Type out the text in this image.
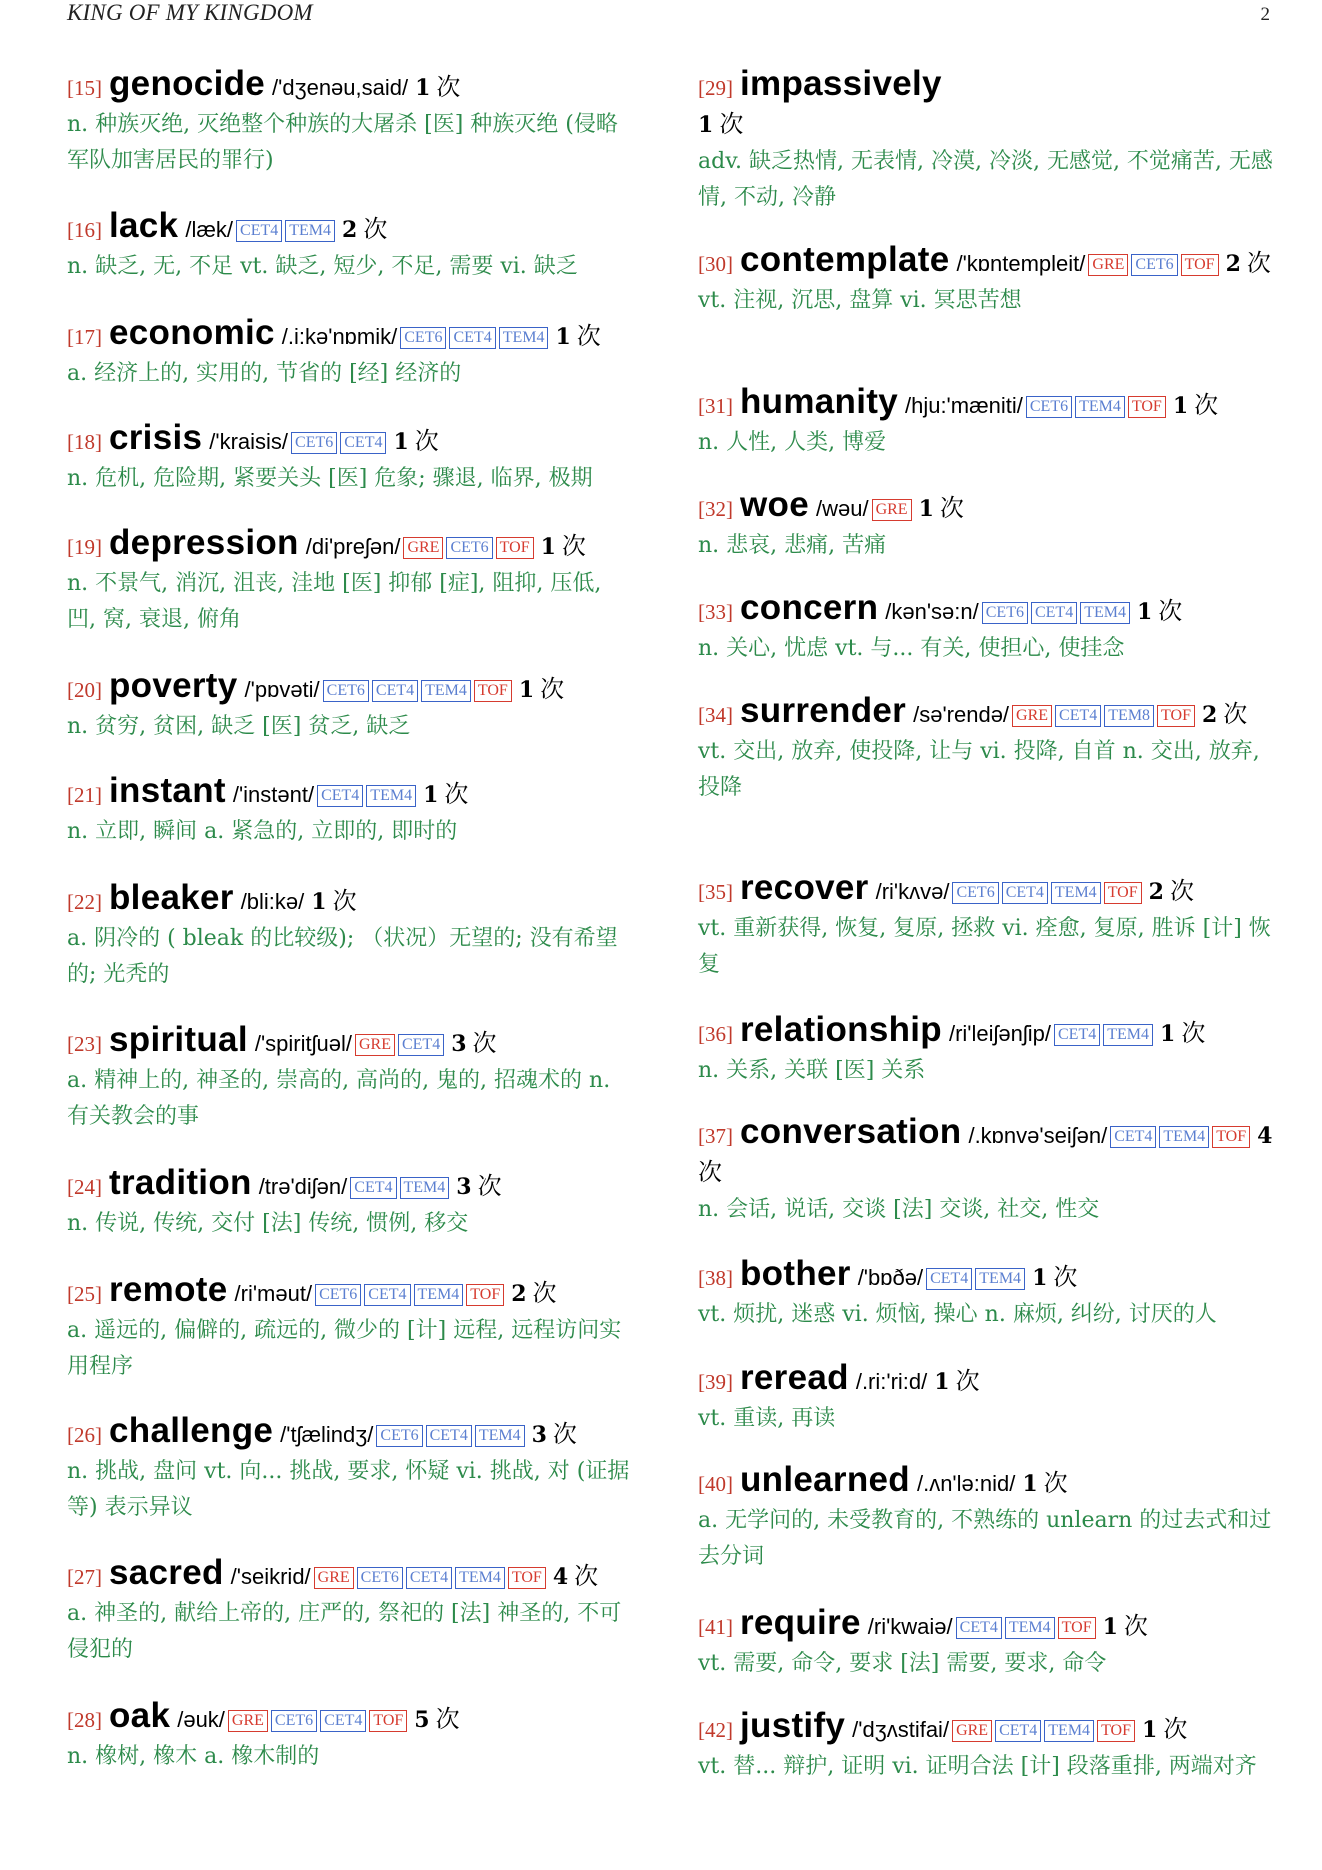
KING OF MY KINGDOM	2
[15] genocide /'dʒenəu,said/ 1 次
n. 种族灭绝, 灭绝整个种族的大屠杀 [医] 种族灭绝 (侵略军队加害居民的罪行)
[16] lack /læk/ CET4 TEM4 2 次
n. 缺乏, 无, 不足 vt. 缺乏, 短少, 不足, 需要 vi. 缺乏
[17] economic /.i:kə'nɒmik/ CET6 CET4 TEM4 1 次
a. 经济上的, 实用的, 节省的 [经] 经济的
[18] crisis /'kraisis/ CET6 CET4 1 次
n. 危机, 危险期, 紧要关头 [医] 危象; 骤退, 临界, 极期
[19] depression /di'preʃən/ GRE CET6 TOF 1 次
n. 不景气, 消沉, 沮丧, 洼地 [医] 抑郁 [症], 阻抑, 压低, 凹, 窝, 衰退, 俯角
[20] poverty /'pɒvəti/ CET6 CET4 TEM4 TOF 1 次
n. 贫穷, 贫困, 缺乏 [医] 贫乏, 缺乏
[21] instant /'instənt/ CET4 TEM4 1 次
n. 立即, 瞬间 a. 紧急的, 立即的, 即时的
[22] bleaker /bli:kə/ 1 次
a. 阴冷的 ( bleak 的比较级); （状况）无望的; 没有希望的; 光秃的
[23] spiritual /'spiritʃuəl/ GRE CET4 3 次
a. 精神上的, 神圣的, 崇高的, 高尚的, 鬼的, 招魂术的 n. 有关教会的事
[24] tradition /trə'diʃən/ CET4 TEM4 3 次
n. 传说, 传统, 交付 [法] 传统, 惯例, 移交
[25] remote /ri'məut/ CET6 CET4 TEM4 TOF 2 次
a. 遥远的, 偏僻的, 疏远的, 微少的 [计] 远程, 远程访问实用程序
[26] challenge /'tʃælindʒ/ CET6 CET4 TEM4 3 次
n. 挑战, 盘问 vt. 向... 挑战, 要求, 怀疑 vi. 挑战, 对 (证据等) 表示异议
[27] sacred /'seikrid/ GRE CET6 CET4 TEM4 TOF 4 次
a. 神圣的, 献给上帝的, 庄严的, 祭祀的 [法] 神圣的, 不可侵犯的
[28] oak /əuk/ GRE CET6 CET4 TOF 5 次
n. 橡树, 橡木 a. 橡木制的
[29] impassively
1 次
adv. 缺乏热情, 无表情, 冷漠, 冷淡, 无感觉, 不觉痛苦, 无感情, 不动, 冷静
[30] contemplate /'kɒntempleit/ GRE CET6 TOF 2 次
vt. 注视, 沉思, 盘算 vi. 冥思苦想
[31] humanity /hju:'mæniti/ CET6 TEM4 TOF 1 次
n. 人性, 人类, 博爱
[32] woe /wəu/ GRE 1 次
n. 悲哀, 悲痛, 苦痛
[33] concern /kən'sə:n/ CET6 CET4 TEM4 1 次
n. 关心, 忧虑 vt. 与... 有关, 使担心, 使挂念
[34] surrender /sə'rendə/ GRE CET4 TEM8 TOF 2 次
vt. 交出, 放弃, 使投降, 让与 vi. 投降, 自首 n. 交出, 放弃, 投降
[35] recover /ri'kʌvə/ CET6 CET4 TEM4 TOF 2 次
vt. 重新获得, 恢复, 复原, 拯救 vi. 痊愈, 复原, 胜诉 [计] 恢复
[36] relationship /ri'leiʃənʃip/ CET4 TEM4 1 次
n. 关系, 关联 [医] 关系
[37] conversation /.kɒnvə'seiʃən/ CET4 TEM4 TOF 4 次
n. 会话, 说话, 交谈 [法] 交谈, 社交, 性交
[38] bother /'bɒðə/ CET4 TEM4 1 次
vt. 烦扰, 迷惑 vi. 烦恼, 操心 n. 麻烦, 纠纷, 讨厌的人
[39] reread /.ri:'ri:d/ 1 次
vt. 重读, 再读
[40] unlearned /.ʌn'lə:nid/ 1 次
a. 无学问的, 未受教育的, 不熟练的 unlearn 的过去式和过去分词
[41] require /ri'kwaiə/ CET4 TEM4 TOF 1 次
vt. 需要, 命令, 要求 [法] 需要, 要求, 命令
[42] justify /'dʒʌstifai/ GRE CET4 TEM4 TOF 1 次
vt. 替... 辩护, 证明 vi. 证明合法 [计] 段落重排, 两端对齐
